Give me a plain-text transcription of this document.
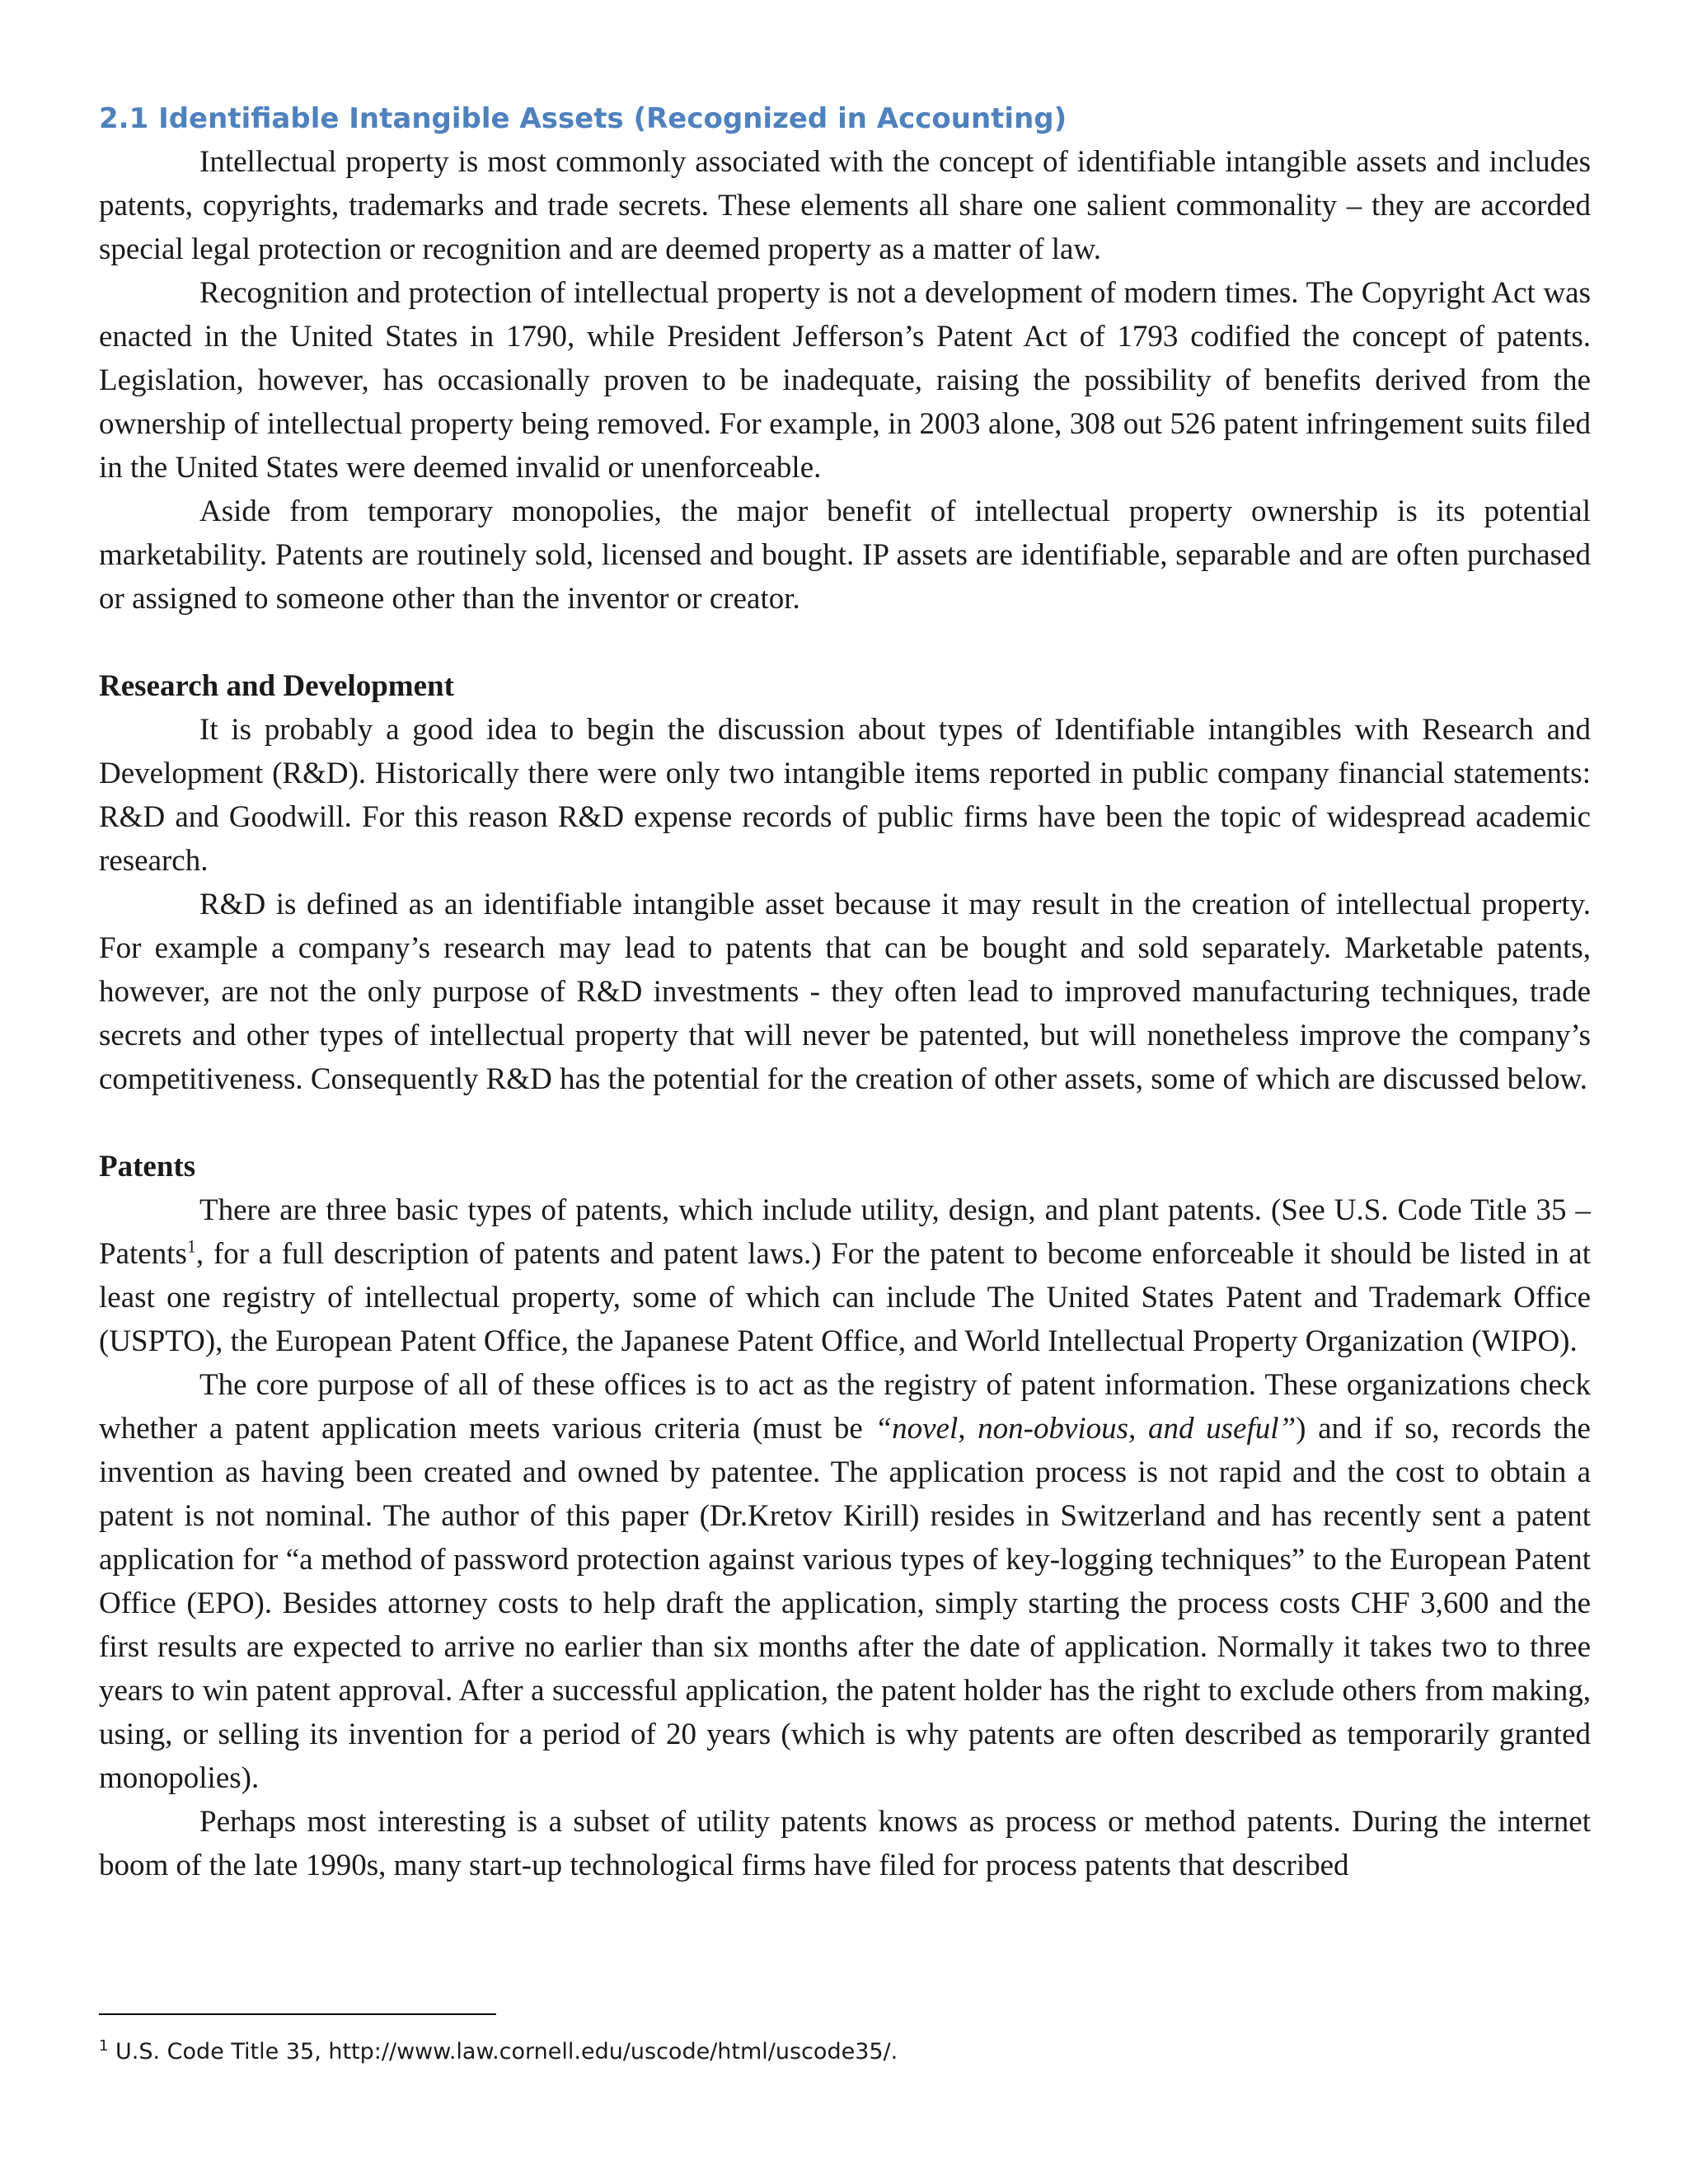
2.1 Identifiable Intangible Assets (Recognized in Accounting)

Intellectual property is most commonly associated with the concept of identifiable intangible assets and includes patents, copyrights, trademarks and trade secrets. These elements all share one salient commonality – they are accorded special legal protection or recognition and are deemed property as a matter of law.

Recognition and protection of intellectual property is not a development of modern times. The Copyright Act was enacted in the United States in 1790, while President Jefferson’s Patent Act of 1793 codified the concept of patents. Legislation, however, has occasionally proven to be inadequate, raising the possibility of benefits derived from the ownership of intellectual property being removed. For example, in 2003 alone, 308 out 526 patent infringement suits filed in the United States were deemed invalid or unenforceable.

Aside from temporary monopolies, the major benefit of intellectual property ownership is its potential marketability. Patents are routinely sold, licensed and bought. IP assets are identifiable, separable and are often purchased or assigned to someone other than the inventor or creator.

Research and Development

It is probably a good idea to begin the discussion about types of Identifiable intangibles with Research and Development (R&D). Historically there were only two intangible items reported in public company financial statements: R&D and Goodwill. For this reason R&D expense records of public firms have been the topic of widespread academic research.

R&D is defined as an identifiable intangible asset because it may result in the creation of intellectual property. For example a company’s research may lead to patents that can be bought and sold separately. Marketable patents, however, are not the only purpose of R&D investments - they often lead to improved manufacturing techniques, trade secrets and other types of intellectual property that will never be patented, but will nonetheless improve the company’s competitiveness. Consequently R&D has the potential for the creation of other assets, some of which are discussed below.

Patents

There are three basic types of patents, which include utility, design, and plant patents. (See U.S. Code Title 35 – Patents$^1$, for a full description of patents and patent laws.) For the patent to become enforceable it should be listed in at least one registry of intellectual property, some of which can include The United States Patent and Trademark Office (USPTO), the European Patent Office, the Japanese Patent Office, and World Intellectual Property Organization (WIPO).

The core purpose of all of these offices is to act as the registry of patent information. These organizations check whether a patent application meets various criteria (must be “novel, non-obvious, and useful”) and if so, records the invention as having been created and owned by patentee. The application process is not rapid and the cost to obtain a patent is not nominal. The author of this paper (Dr.Kretov Kirill) resides in Switzerland and has recently sent a patent application for “a method of password protection against various types of key-logging techniques” to the European Patent Office (EPO). Besides attorney costs to help draft the application, simply starting the process costs CHF 3,600 and the first results are expected to arrive no earlier than six months after the date of application. Normally it takes two to three years to win patent approval. After a successful application, the patent holder has the right to exclude others from making, using, or selling its invention for a period of 20 years (which is why patents are often described as temporarily granted monopolies).

Perhaps most interesting is a subset of utility patents knows as process or method patents. During the internet boom of the late 1990s, many start-up technological firms have filed for process patents that described

$^1$ U.S. Code Title 35, http://www.law.cornell.edu/uscode/html/uscode35/.
